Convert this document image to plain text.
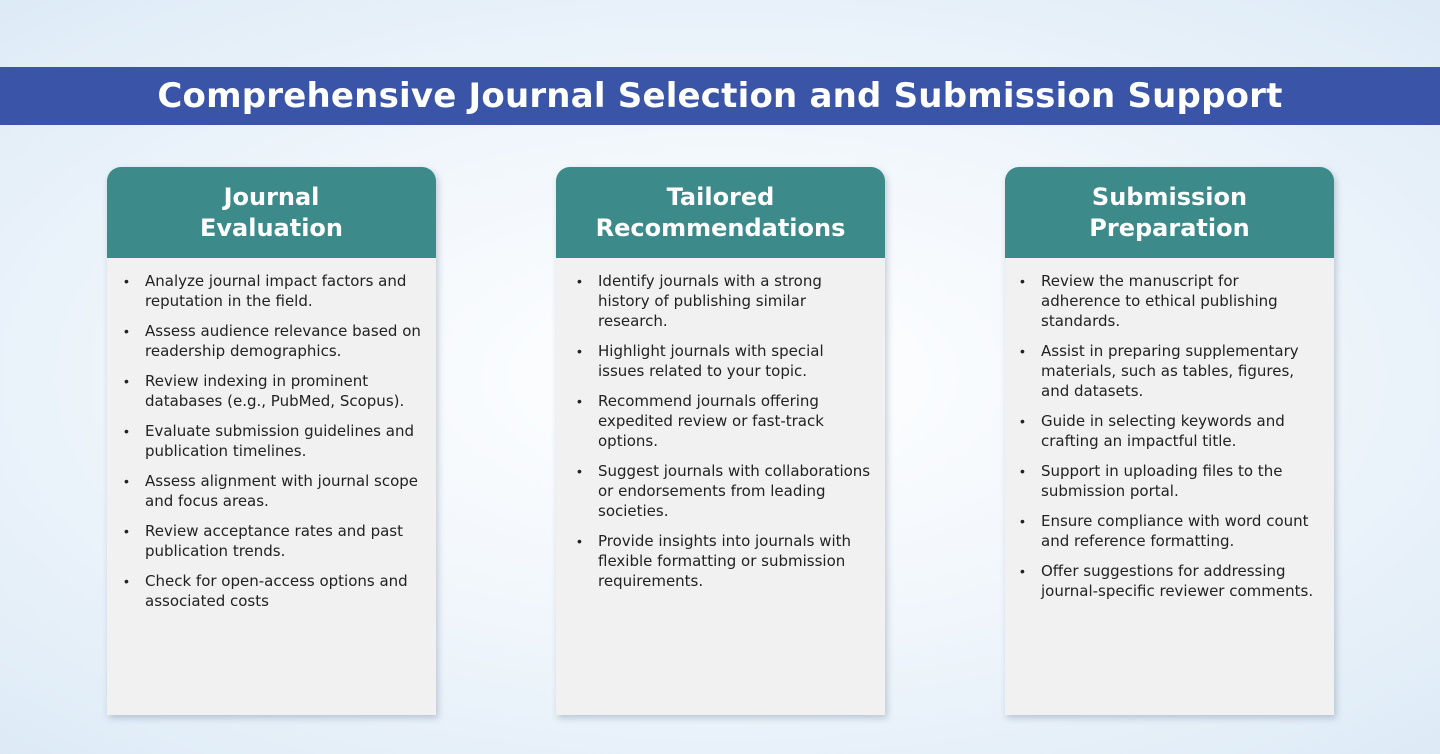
Comprehensive Journal Selection and Submission Support
Journal
Evaluation
•	Analyze journal impact factors and reputation in the field.
•	Assess audience relevance based on readership demographics.
•	Review indexing in prominent databases (e.g., PubMed, Scopus).
•	Evaluate submission guidelines and publication timelines.
•	Assess alignment with journal scope and focus areas.
•	Review acceptance rates and past publication trends.
•	Check for open-access options and associated costs
Tailored
Recommendations
•	Identify journals with a strong history of publishing similar research.
•	Highlight journals with special issues related to your topic.
•	Recommend journals offering expedited review or fast-track options.
•	Suggest journals with collaborations or endorsements from leading societies.
•	Provide insights into journals with flexible formatting or submission requirements.
Submission
Preparation
•	Review the manuscript for adherence to ethical publishing standards.
•	Assist in preparing supplementary materials, such as tables, figures, and datasets.
•	Guide in selecting keywords and crafting an impactful title.
•	Support in uploading files to the submission portal.
•	Ensure compliance with word count and reference formatting.
•	Offer suggestions for addressing journal-specific reviewer comments.
